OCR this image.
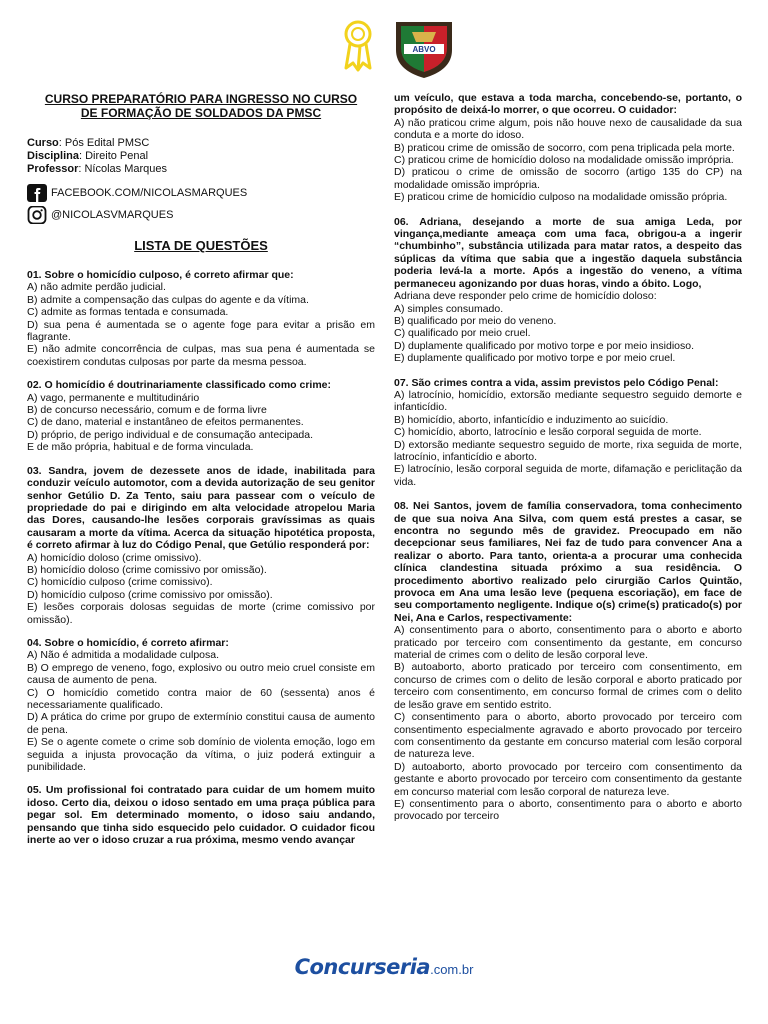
ABVO
CURSO PREPARATÓRIO PARA INGRESSO NO CURSO
DE FORMAÇÃO DE SOLDADOS DA PMSC
Curso: Pós Edital PMSC
Disciplina: Direito Penal
Professor: Nícolas Marques
FACEBOOK.COM/NICOLASMARQUES
@NICOLASVMARQUES
LISTA DE QUESTÕES
01. Sobre o homicídio culposo, é correto afirmar que:
A) não admite perdão judicial.
B) admite a compensação das culpas do agente e da vítima.
C) admite as formas tentada e consumada.
D) sua pena é aumentada se o agente foge para evitar a prisão em flagrante.
E) não admite concorrência de culpas, mas sua pena é aumentada se coexistirem condutas culposas por parte da mesma pessoa.
02. O homicídio é doutrinariamente classificado como crime:
A) vago, permanente e multitudinário
B) de concurso necessário, comum e de forma livre
C) de dano, material e instantâneo de efeitos permanentes.
D) próprio, de perigo individual e de consumação antecipada.
E de mão própria, habitual e de forma vinculada.
03. Sandra, jovem de dezessete anos de idade, inabilitada para conduzir veículo automotor, com a devida autorização de seu genitor senhor Getúlio D. Za Tento, saiu para passear com o veículo de propriedade do pai e dirigindo em alta velocidade atropelou Maria das Dores, causando-lhe lesões corporais gravíssimas as quais causaram a morte da vítima. Acerca da situação hipotética proposta, é correto afirmar à luz do Código Penal, que Getúlio responderá por:
A) homicídio doloso (crime omissivo).
B) homicídio doloso (crime comissivo por omissão).
C) homicídio culposo (crime comissivo).
D) homicídio culposo (crime comissivo por omissão).
E) lesões corporais dolosas seguidas de morte (crime comissivo por omissão).
04. Sobre o homicídio, é correto afirmar:
A) Não é admitida a modalidade culposa.
B) O emprego de veneno, fogo, explosivo ou outro meio cruel consiste em causa de aumento de pena.
C) O homicídio cometido contra maior de 60 (sessenta) anos é necessariamente qualificado.
D) A prática do crime por grupo de extermínio constitui causa de aumento de pena.
E) Se o agente comete o crime sob domínio de violenta emoção, logo em seguida a injusta provocação da vítima, o juiz poderá extinguir a punibilidade.
05. Um profissional foi contratado para cuidar de um homem muito idoso. Certo dia, deixou o idoso sentado em uma praça pública para pegar sol. Em determinado momento, o idoso saiu andando, pensando que tinha sido esquecido pelo cuidador. O cuidador ficou inerte ao ver o idoso cruzar a rua próxima, mesmo vendo avançar
um veículo, que estava a toda marcha, concebendo-se, portanto, o propósito de deixá-lo morrer, o que ocorreu. O cuidador:
A) não praticou crime algum, pois não houve nexo de causalidade da sua conduta e a morte do idoso.
B) praticou crime de omissão de socorro, com pena triplicada pela morte.
C) praticou crime de homicídio doloso na modalidade omissão imprópria.
D) praticou o crime de omissão de socorro (artigo 135 do CP) na modalidade omissão imprópria.
E) praticou crime de homicídio culposo na modalidade omissão própria.
06. Adriana, desejando a morte de sua amiga Leda, por vingança,mediante ameaça com uma faca, obrigou-a a ingerir “chumbinho”, substância utilizada para matar ratos, a despeito das súplicas da vítima que sabia que a ingestão daquela substância poderia levá-la a morte. Após a ingestão do veneno, a vítima permaneceu agonizando por duas horas, vindo a óbito. Logo,
Adriana deve responder pelo crime de homicídio doloso:
A) simples consumado.
B) qualificado por meio do veneno.
C) qualificado por meio cruel.
D) duplamente qualificado por motivo torpe e por meio insidioso.
E) duplamente qualificado por motivo torpe e por meio cruel.
07. São crimes contra a vida, assim previstos pelo Código Penal:
A) latrocínio, homicídio, extorsão mediante sequestro seguido demorte e infanticídio.
B) homicídio, aborto, infanticídio e induzimento ao suicídio.
C) homicídio, aborto, latrocínio e lesão corporal seguida de morte.
D) extorsão mediante sequestro seguido de morte, rixa seguida de morte, latrocínio, infanticídio e aborto.
E) latrocínio, lesão corporal seguida de morte, difamação e periclitação da vida.
08. Nei Santos, jovem de família conservadora, toma conhecimento de que sua noiva Ana Silva, com quem está prestes a casar, se encontra no segundo mês de gravidez. Preocupado em não decepcionar seus familiares, Nei faz de tudo para convencer Ana a realizar o aborto. Para tanto, orienta-a a procurar uma conhecida clínica clandestina situada próximo a sua residência. O procedimento abortivo realizado pelo cirurgião Carlos Quintão, provoca em Ana uma lesão leve (pequena escoriação), em face de seu comportamento negligente. Indique o(s) crime(s) praticado(s) por Nei, Ana e Carlos, respectivamente:
A) consentimento para o aborto, consentimento para o aborto e aborto praticado por terceiro com consentimento da gestante, em concurso material de crimes com o delito de lesão corporal leve.
B) autoaborto, aborto praticado por terceiro com consentimento, em concurso de crimes com o delito de lesão corporal e aborto praticado por terceiro com consentimento, em concurso formal de crimes com o delito de lesão grave em sentido estrito.
C) consentimento para o aborto, aborto provocado por terceiro com consentimento especialmente agravado e aborto provocado por terceiro com consentimento da gestante em concurso material com lesão corporal de natureza leve.
D) autoaborto, aborto provocado por terceiro com consentimento da gestante e aborto provocado por terceiro com consentimento da gestante em concurso material com lesão corporal de natureza leve.
E) consentimento para o aborto, consentimento para o aborto e aborto provocado por terceiro
Concurseria.com.br
